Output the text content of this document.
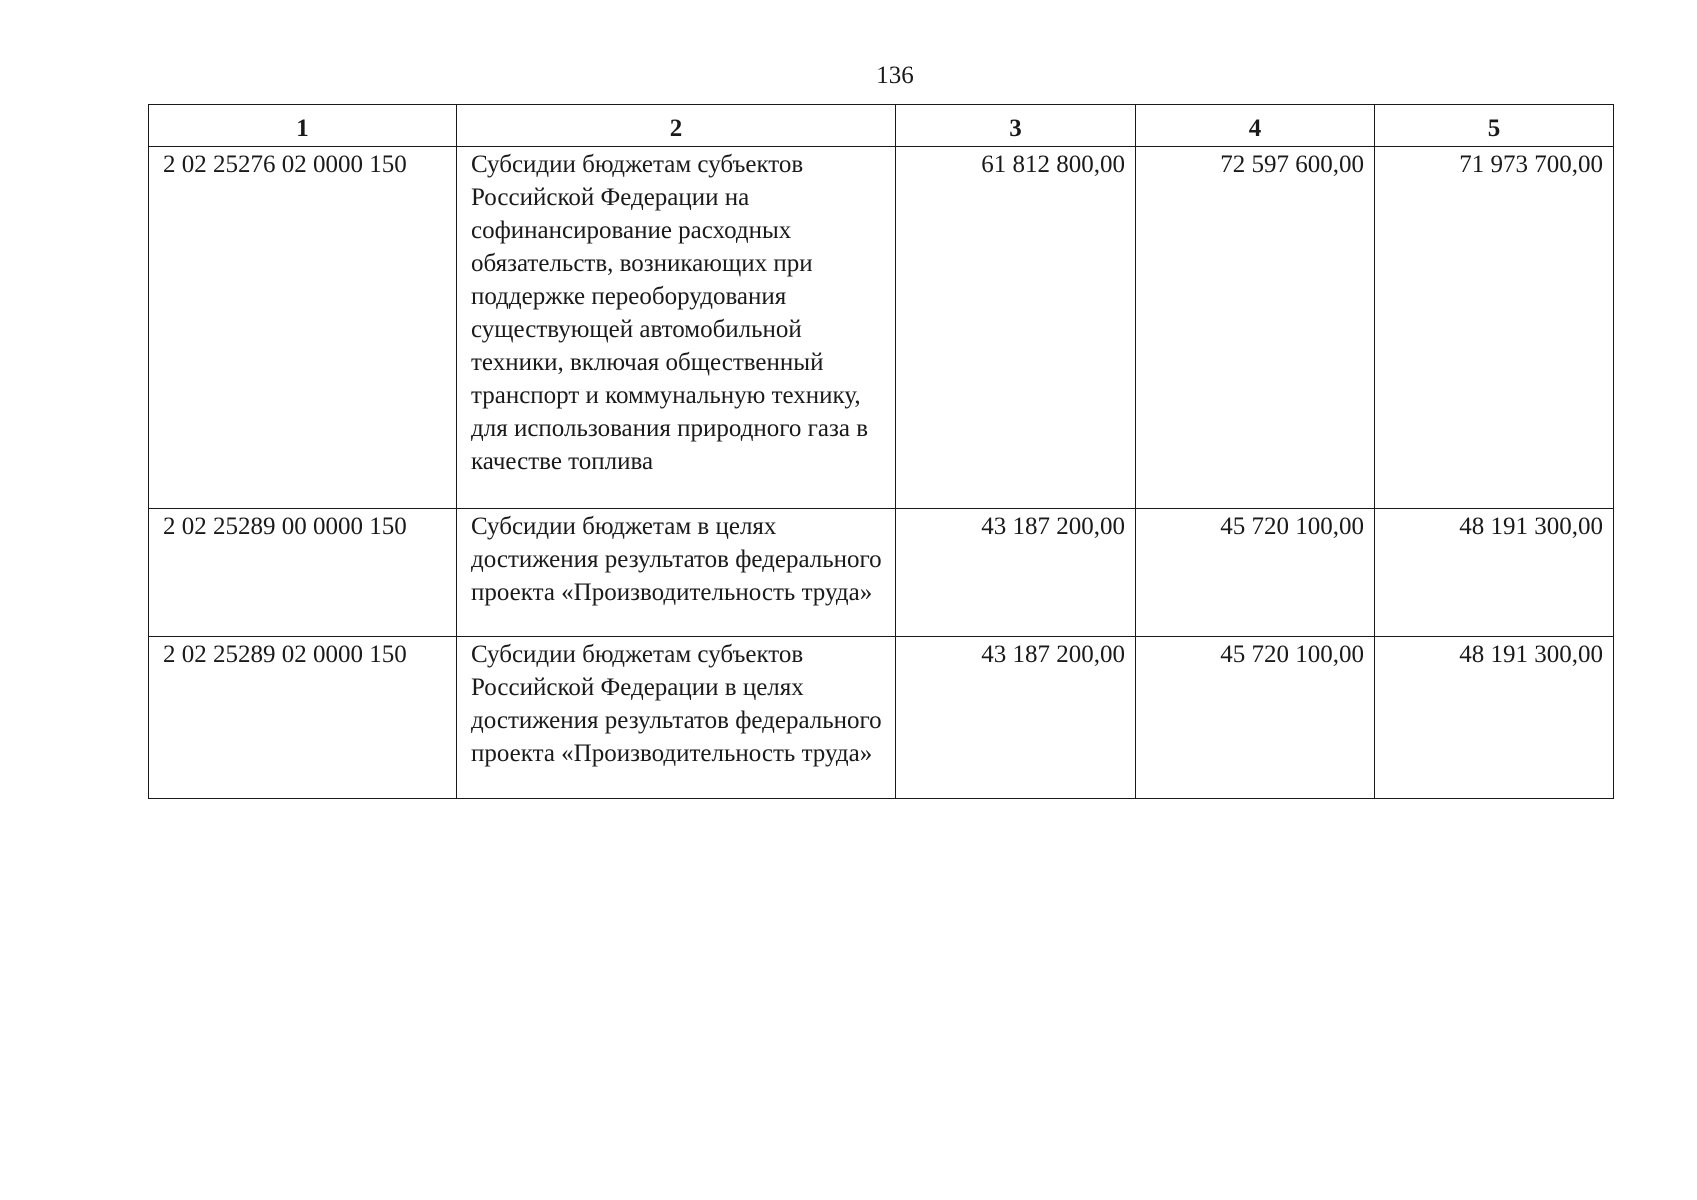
136
1	2	3	4	5
2 02 25276 02 0000 150	Субсидии бюджетам субъектов Российской Федерации на софинансирование расходных обязательств, возникающих при поддержке переоборудования существующей автомобильной техники, включая общественный транспорт и коммунальную технику, для использования природного газа в качестве топлива	61 812 800,00	72 597 600,00	71 973 700,00
2 02 25289 00 0000 150	Субсидии бюджетам в целях достижения результатов федерального проекта «Производительность труда»	43 187 200,00	45 720 100,00	48 191 300,00
2 02 25289 02 0000 150	Субсидии бюджетам субъектов Российской Федерации в целях достижения результатов федерального проекта «Производительность труда»	43 187 200,00	45 720 100,00	48 191 300,00
